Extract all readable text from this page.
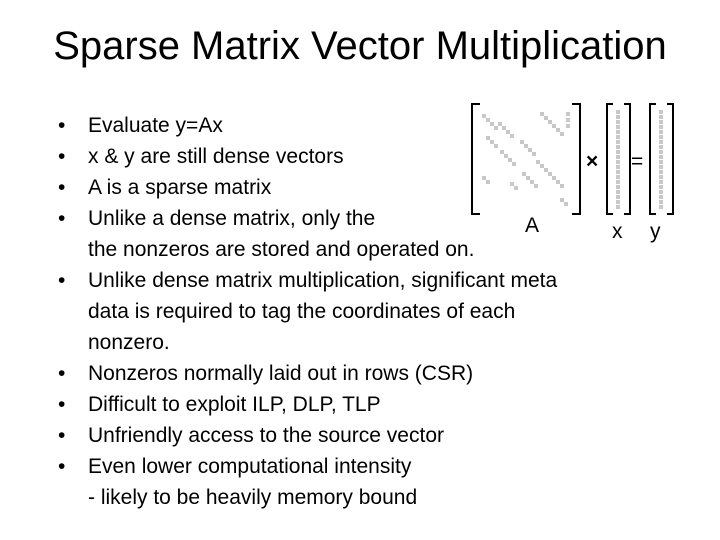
Sparse Matrix Vector Multiplication
• Evaluate y=Ax
• x & y are still dense vectors
• A is a sparse matrix
• Unlike a dense matrix, only the
the nonzeros are stored and operated on.
• Unlike dense matrix multiplication, significant meta
data is required to tag the coordinates of each
nonzero.
• Nonzeros normally laid out in rows (CSR)
• Difficult to exploit ILP, DLP, TLP
• Unfriendly access to the source vector
• Even lower computational intensity
- likely to be heavily memory bound
× =
A	x y
